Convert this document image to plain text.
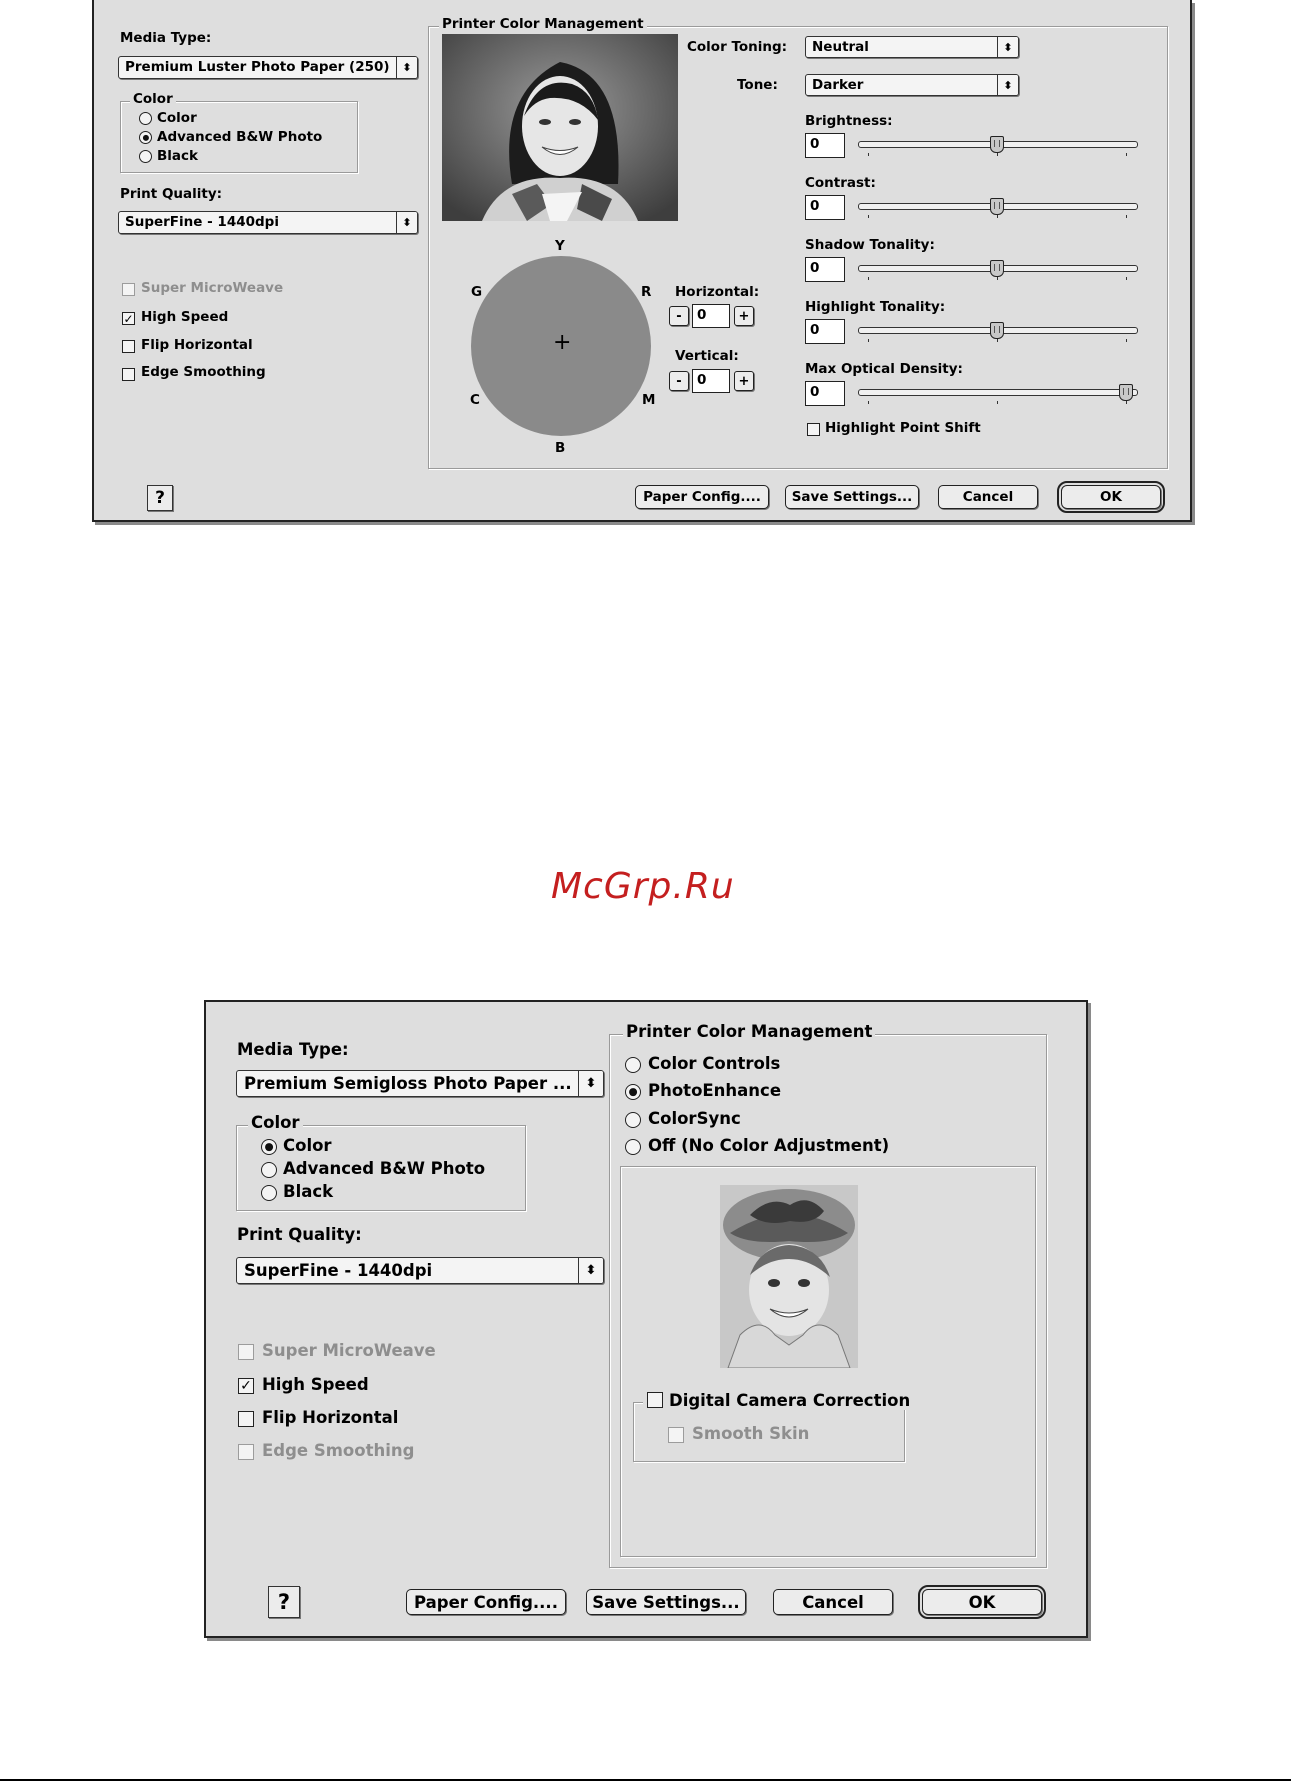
Media Type:
Premium Luster Photo Paper (250)	⬍
Color
Color
Advanced B&W Photo
Black
Print Quality:
SuperFine - 1440dpi	⬍
Super MicroWeave
✓ High Speed
Flip Horizontal
Edge Smoothing
Printer Color Management
Y
G	R
C	M
B
+
Horizontal:
-	0	+
Vertical:
-	0	+
Color Toning:	Neutral	⬍
Tone:	Darker	⬍
Brightness:
0
Contrast:
0
Shadow Tonality:
0
Highlight Tonality:
0
Max Optical Density:
0
Highlight Point Shift
?	Paper Config....	Save Settings...	Cancel	OK
McGrp.Ru
Media Type:
Premium Semigloss Photo Paper ...	⬍
Color
Color
Advanced B&W Photo
Black
Print Quality:
SuperFine - 1440dpi	⬍
Super MicroWeave
✓ High Speed
Flip Horizontal
Edge Smoothing
Printer Color Management
Color Controls
PhotoEnhance
ColorSync
Off (No Color Adjustment)
Digital Camera Correction
Smooth Skin
?	Paper Config....	Save Settings...	Cancel	OK
